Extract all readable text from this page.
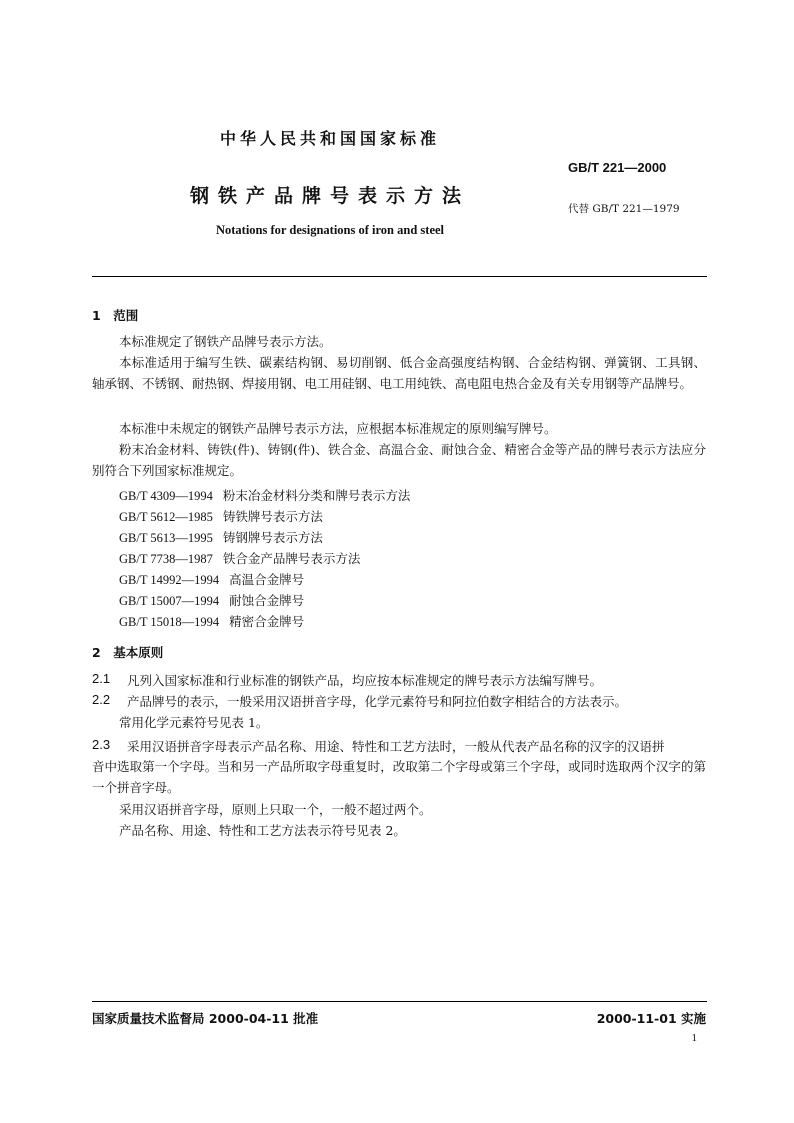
中华人民共和国国家标准
GB/T 221—2000
钢铁产品牌号表示方法
代替 GB/T 221—1979
Notations for designations of iron and steel
1　范围
本标准规定了钢铁产品牌号表示方法。
本标准适用于编写生铁、碳素结构钢、易切削钢、低合金高强度结构钢、合金结构钢、弹簧钢、工具钢、轴承钢、不锈钢、耐热钢、焊接用钢、电工用硅钢、电工用纯铁、高电阻电热合金及有关专用钢等产品牌号。
本标准中未规定的钢铁产品牌号表示方法，应根据本标准规定的原则编写牌号。
粉末冶金材料、铸铁(件)、铸钢(件)、铁合金、高温合金、耐蚀合金、精密合金等产品的牌号表示方法应分别符合下列国家标准规定。
GB/T 4309—1994 粉末冶金材料分类和牌号表示方法
GB/T 5612—1985 铸铁牌号表示方法
GB/T 5613—1995 铸钢牌号表示方法
GB/T 7738—1987 铁合金产品牌号表示方法
GB/T 14992—1994 高温合金牌号
GB/T 15007—1994 耐蚀合金牌号
GB/T 15018—1994 精密合金牌号
2　基本原则
2.1 凡列入国家标准和行业标准的钢铁产品，均应按本标准规定的牌号表示方法编写牌号。
2.2 产品牌号的表示，一般采用汉语拼音字母，化学元素符号和阿拉伯数字相结合的方法表示。
常用化学元素符号见表 1。
2.3 采用汉语拼音字母表示产品名称、用途、特性和工艺方法时，一般从代表产品名称的汉字的汉语拼
音中选取第一个字母。当和另一产品所取字母重复时，改取第二个字母或第三个字母，或同时选取两个汉字的第一个拼音字母。
采用汉语拼音字母，原则上只取一个，一般不超过两个。
产品名称、用途、特性和工艺方法表示符号见表 2。
国家质量技术监督局 2000-04-11 批准	2000-11-01 实施
1
